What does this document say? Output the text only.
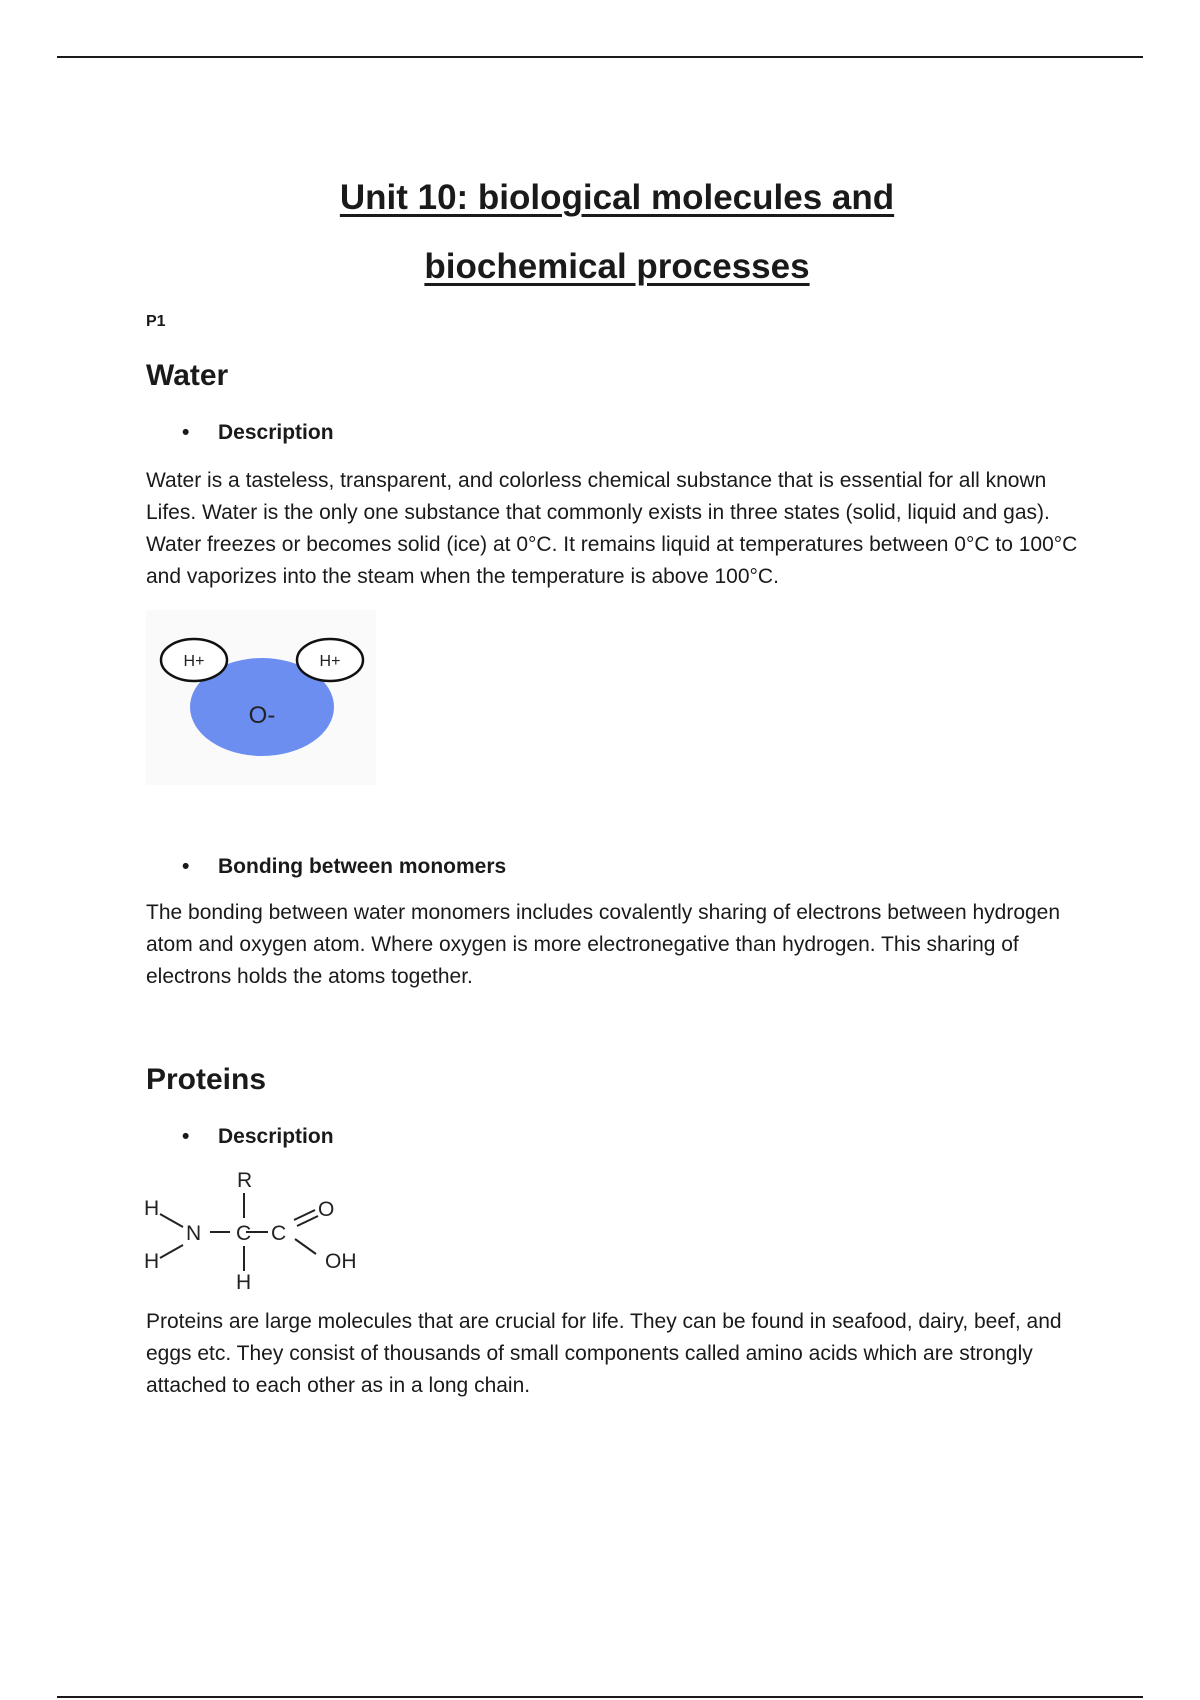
Unit 10: biological molecules and
biochemical processes
P1
Water
• Description

Water is a tasteless, transparent, and colorless chemical substance that is essential for all known Lifes. Water is the only one substance that commonly exists in three states (solid, liquid and gas). Water freezes or becomes solid (ice) at 0°C. It remains liquid at temperatures between 0°C to 100°C and vaporizes into the steam when the temperature is above 100°C.

H+	H+
O-
• Bonding between monomers

The bonding between water monomers includes covalently sharing of electrons between hydrogen atom and oxygen atom. Where oxygen is more electronegative than hydrogen. This sharing of electrons holds the atoms together.

Proteins
• Description
R
H
H
N C C
O
OH
H

Proteins are large molecules that are crucial for life. They can be found in seafood, dairy, beef, and eggs etc. They consist of thousands of small components called amino acids which are strongly attached to each other as in a long chain.
